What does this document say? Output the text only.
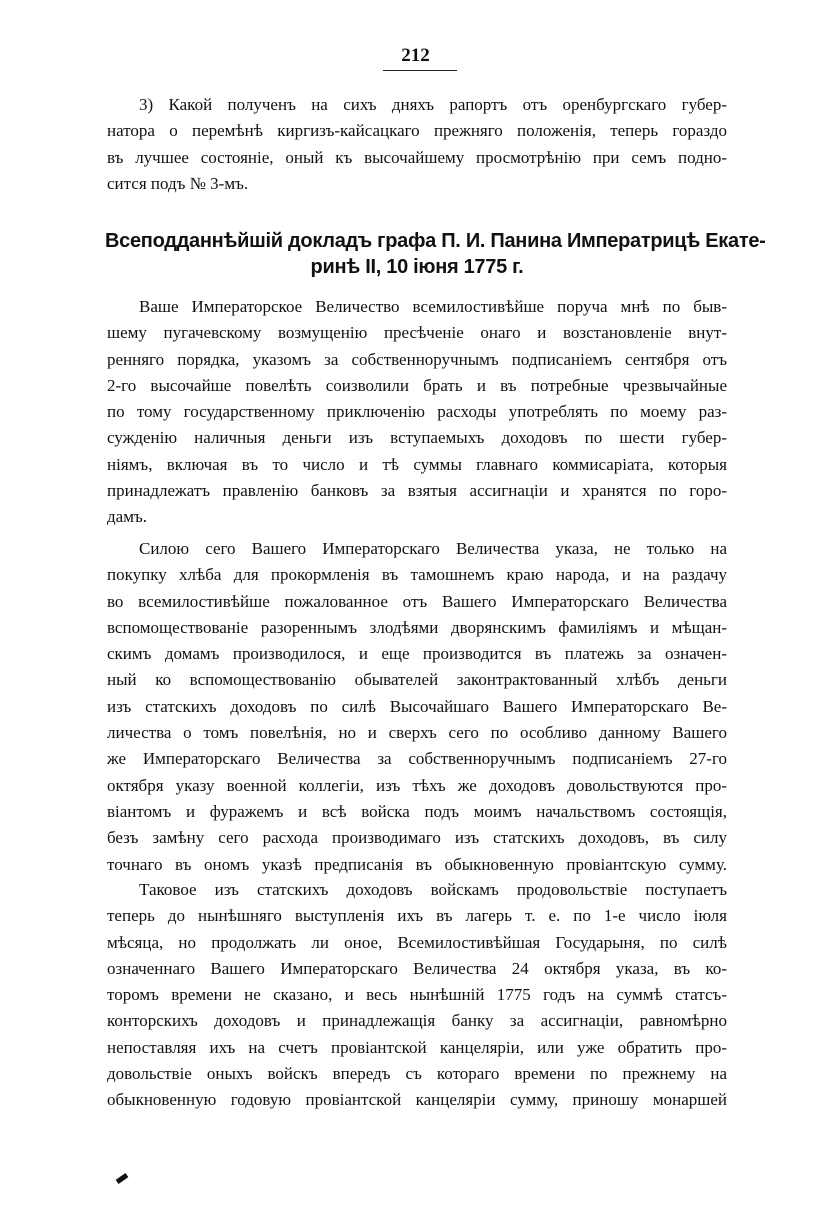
212
3) Какой полученъ на сихъ дняхъ рапортъ отъ оренбургскаго губер-
натора о перемѣнѣ киргизъ-кайсацкаго прежняго положенія, теперь гораздо
въ лучшее состояніе, оный къ высочайшему просмотрѣнію при семъ подно-
сится подъ № 3-мъ.
Всеподданнѣйшій докладъ графа П. И. Панина Императрицѣ Екате-
ринѣ II, 10 іюня 1775 г.
Ваше Императорское Величество всемилостивѣйше поруча мнѣ по быв-
шему пугачевскому возмущенію пресѣченіе онаго и возстановленіе внут-
ренняго порядка, указомъ за собственноручнымъ подписаніемъ сентября отъ
2-го высочайше повелѣть соизволили брать и въ потребные чрезвычайные
по тому государственному приключенію расходы употреблять по моему раз-
сужденію наличныя деньги изъ вступаемыхъ доходовъ по шести губер-
ніямъ, включая въ то число и тѣ суммы главнаго коммисаріата, которыя
принадлежатъ правленію банковъ за взятыя ассигнаціи и хранятся по горо-
дамъ.
Силою сего Вашего Императорскаго Величества указа, не только на
покупку хлѣба для прокормленія въ тамошнемъ краю народа, и на раздачу
во всемилостивѣйше пожалованное отъ Вашего Императорскаго Величества
вспомоществованіе разореннымъ злодѣями дворянскимъ фамиліямъ и мѣщан-
скимъ домамъ производилося, и еще производится въ платежь за означен-
ный ко вспомоществованію обывателей законтрактованный хлѣбъ деньги
изъ статскихъ доходовъ по силѣ Высочайшаго Вашего Императорскаго Ве-
личества о томъ повелѣнія, но и сверхъ сего по особливо данному Вашего
же Императорскаго Величества за собственноручнымъ подписаніемъ 27-го
октября указу военной коллегіи, изъ тѣхъ же доходовъ довольствуются про-
віантомъ и фуражемъ и всѣ войска подъ моимъ начальствомъ состоящія,
безъ замѣну сего расхода производимаго изъ статскихъ доходовъ, въ силу
точнаго въ ономъ указѣ предписанія въ обыкновенную провіантскую сумму.
Таковое изъ статскихъ доходовъ войскамъ продовольствіе поступаетъ
теперь до нынѣшняго выступленія ихъ въ лагерь т. е. по 1-е число іюля
мѣсяца, но продолжать ли оное, Всемилостивѣйшая Государыня, по силѣ
означеннаго Вашего Императорскаго Величества 24 октября указа, въ ко-
торомъ времени не сказано, и весь нынѣшній 1775 годъ на суммѣ статсъ-
конторскихъ доходовъ и принадлежащія банку за ассигнаціи, равномѣрно
непоставляя ихъ на счетъ провіантской канцеляріи, или уже обратить про-
довольствіе оныхъ войскъ впередъ съ котораго времени по прежнему на
обыкновенную годовую провіантской канцеляріи сумму, приношу монаршей
